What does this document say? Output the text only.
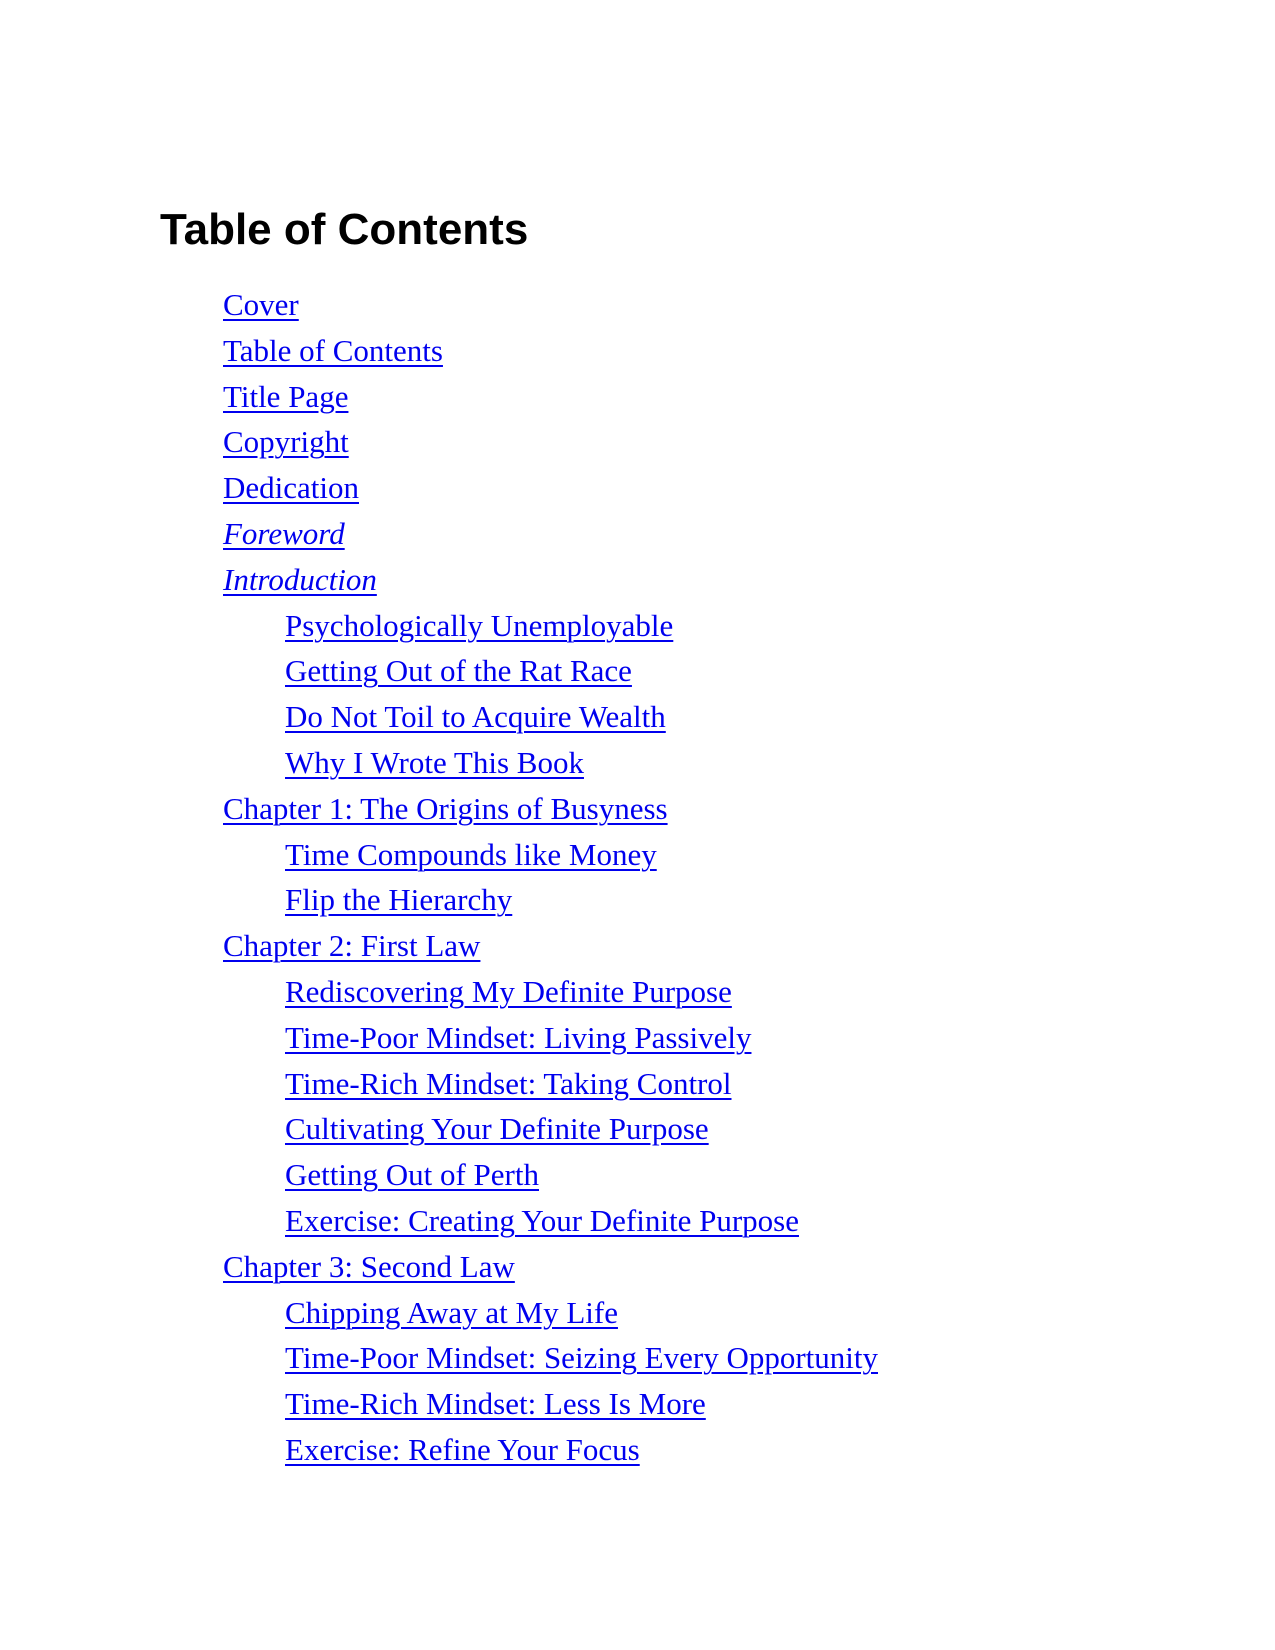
Table of Contents
Cover
Table of Contents
Title Page
Copyright
Dedication
Foreword
Introduction
Psychologically Unemployable
Getting Out of the Rat Race
Do Not Toil to Acquire Wealth
Why I Wrote This Book
Chapter 1: The Origins of Busyness
Time Compounds like Money
Flip the Hierarchy
Chapter 2: First Law
Rediscovering My Definite Purpose
Time-Poor Mindset: Living Passively
Time-Rich Mindset: Taking Control
Cultivating Your Definite Purpose
Getting Out of Perth
Exercise: Creating Your Definite Purpose
Chapter 3: Second Law
Chipping Away at My Life
Time-Poor Mindset: Seizing Every Opportunity
Time-Rich Mindset: Less Is More
Exercise: Refine Your Focus
